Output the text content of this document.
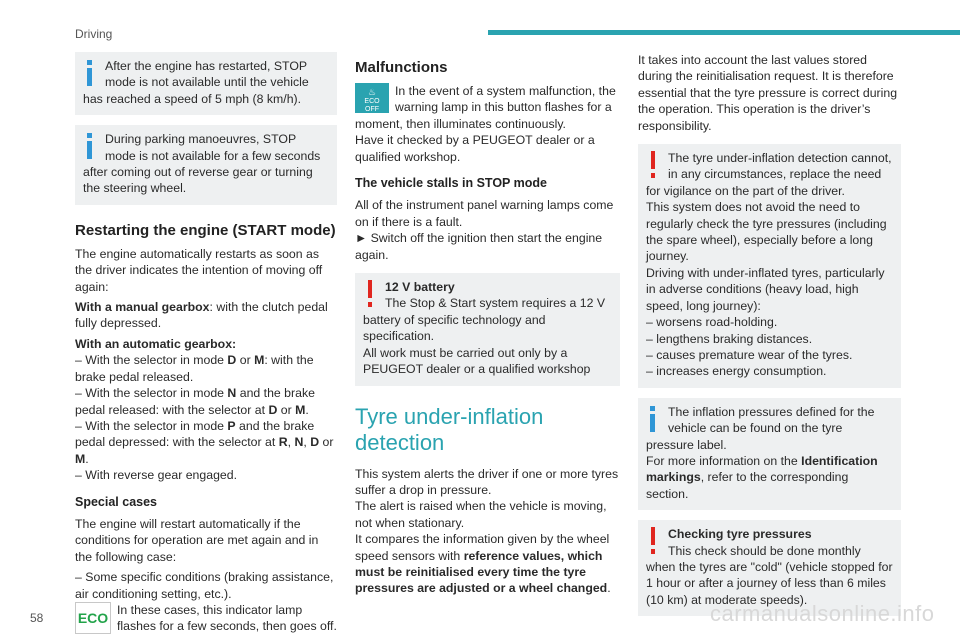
Driving
After the engine has restarted, STOP mode is not available until the vehicle has reached a speed of 5 mph (8 km/h).
During parking manoeuvres, STOP mode is not available for a few seconds after coming out of reverse gear or turning the steering wheel.
Restarting the engine (START mode)

The engine automatically restarts as soon as the driver indicates the intention of moving off again:

With a manual gearbox: with the clutch pedal fully depressed.

With an automatic gearbox:
– With the selector in mode D or M: with the brake pedal released.
– With the selector in mode N and the brake pedal released: with the selector at D or M.
– With the selector in mode P and the brake pedal depressed: with the selector at R, N, D or M.
– With reverse gear engaged.

Special cases

The engine will restart automatically if the conditions for operation are met again and in the following case:

– Some specific conditions (braking assistance, air conditioning setting, etc.).

ECO In these cases, this indicator lamp flashes for a few seconds, then goes off.
Malfunctions
♨
ECO
OFF
In the event of a system malfunction, the warning lamp in this button flashes for a moment, then illuminates continuously.

Have it checked by a PEUGEOT dealer or a qualified workshop.

The vehicle stalls in STOP mode

All of the instrument panel warning lamps come on if there is a fault.

► Switch off the ignition then start the engine again.

12 V battery
The Stop & Start system requires a 12 V battery of specific technology and specification.
All work must be carried out only by a PEUGEOT dealer or a qualified workshop
Tyre under-inflation detection

This system alerts the driver if one or more tyres suffer a drop in pressure.

The alert is raised when the vehicle is moving, not when stationary.

It compares the information given by the wheel speed sensors with reference values, which must be reinitialised every time the tyre pressures are adjusted or a wheel changed.

It takes into account the last values stored during the reinitialisation request. It is therefore essential that the tyre pressure is correct during the operation. This operation is the driver’s responsibility.

The tyre under-inflation detection cannot, in any circumstances, replace the need for vigilance on the part of the driver.
This system does not avoid the need to regularly check the tyre pressures (including the spare wheel), especially before a long journey.
Driving with under-inflated tyres, particularly in adverse conditions (heavy load, high speed, long journey):
– worsens road-holding.
– lengthens braking distances.
– causes premature wear of the tyres.
– increases energy consumption.
The inflation pressures defined for the vehicle can be found on the tyre pressure label.
For more information on the Identification markings, refer to the corresponding section.
Checking tyre pressures
This check should be done monthly when the tyres are "cold" (vehicle stopped for 1 hour or after a journey of less than 6 miles (10 km) at moderate speeds).
58	carmanualsonline.info
